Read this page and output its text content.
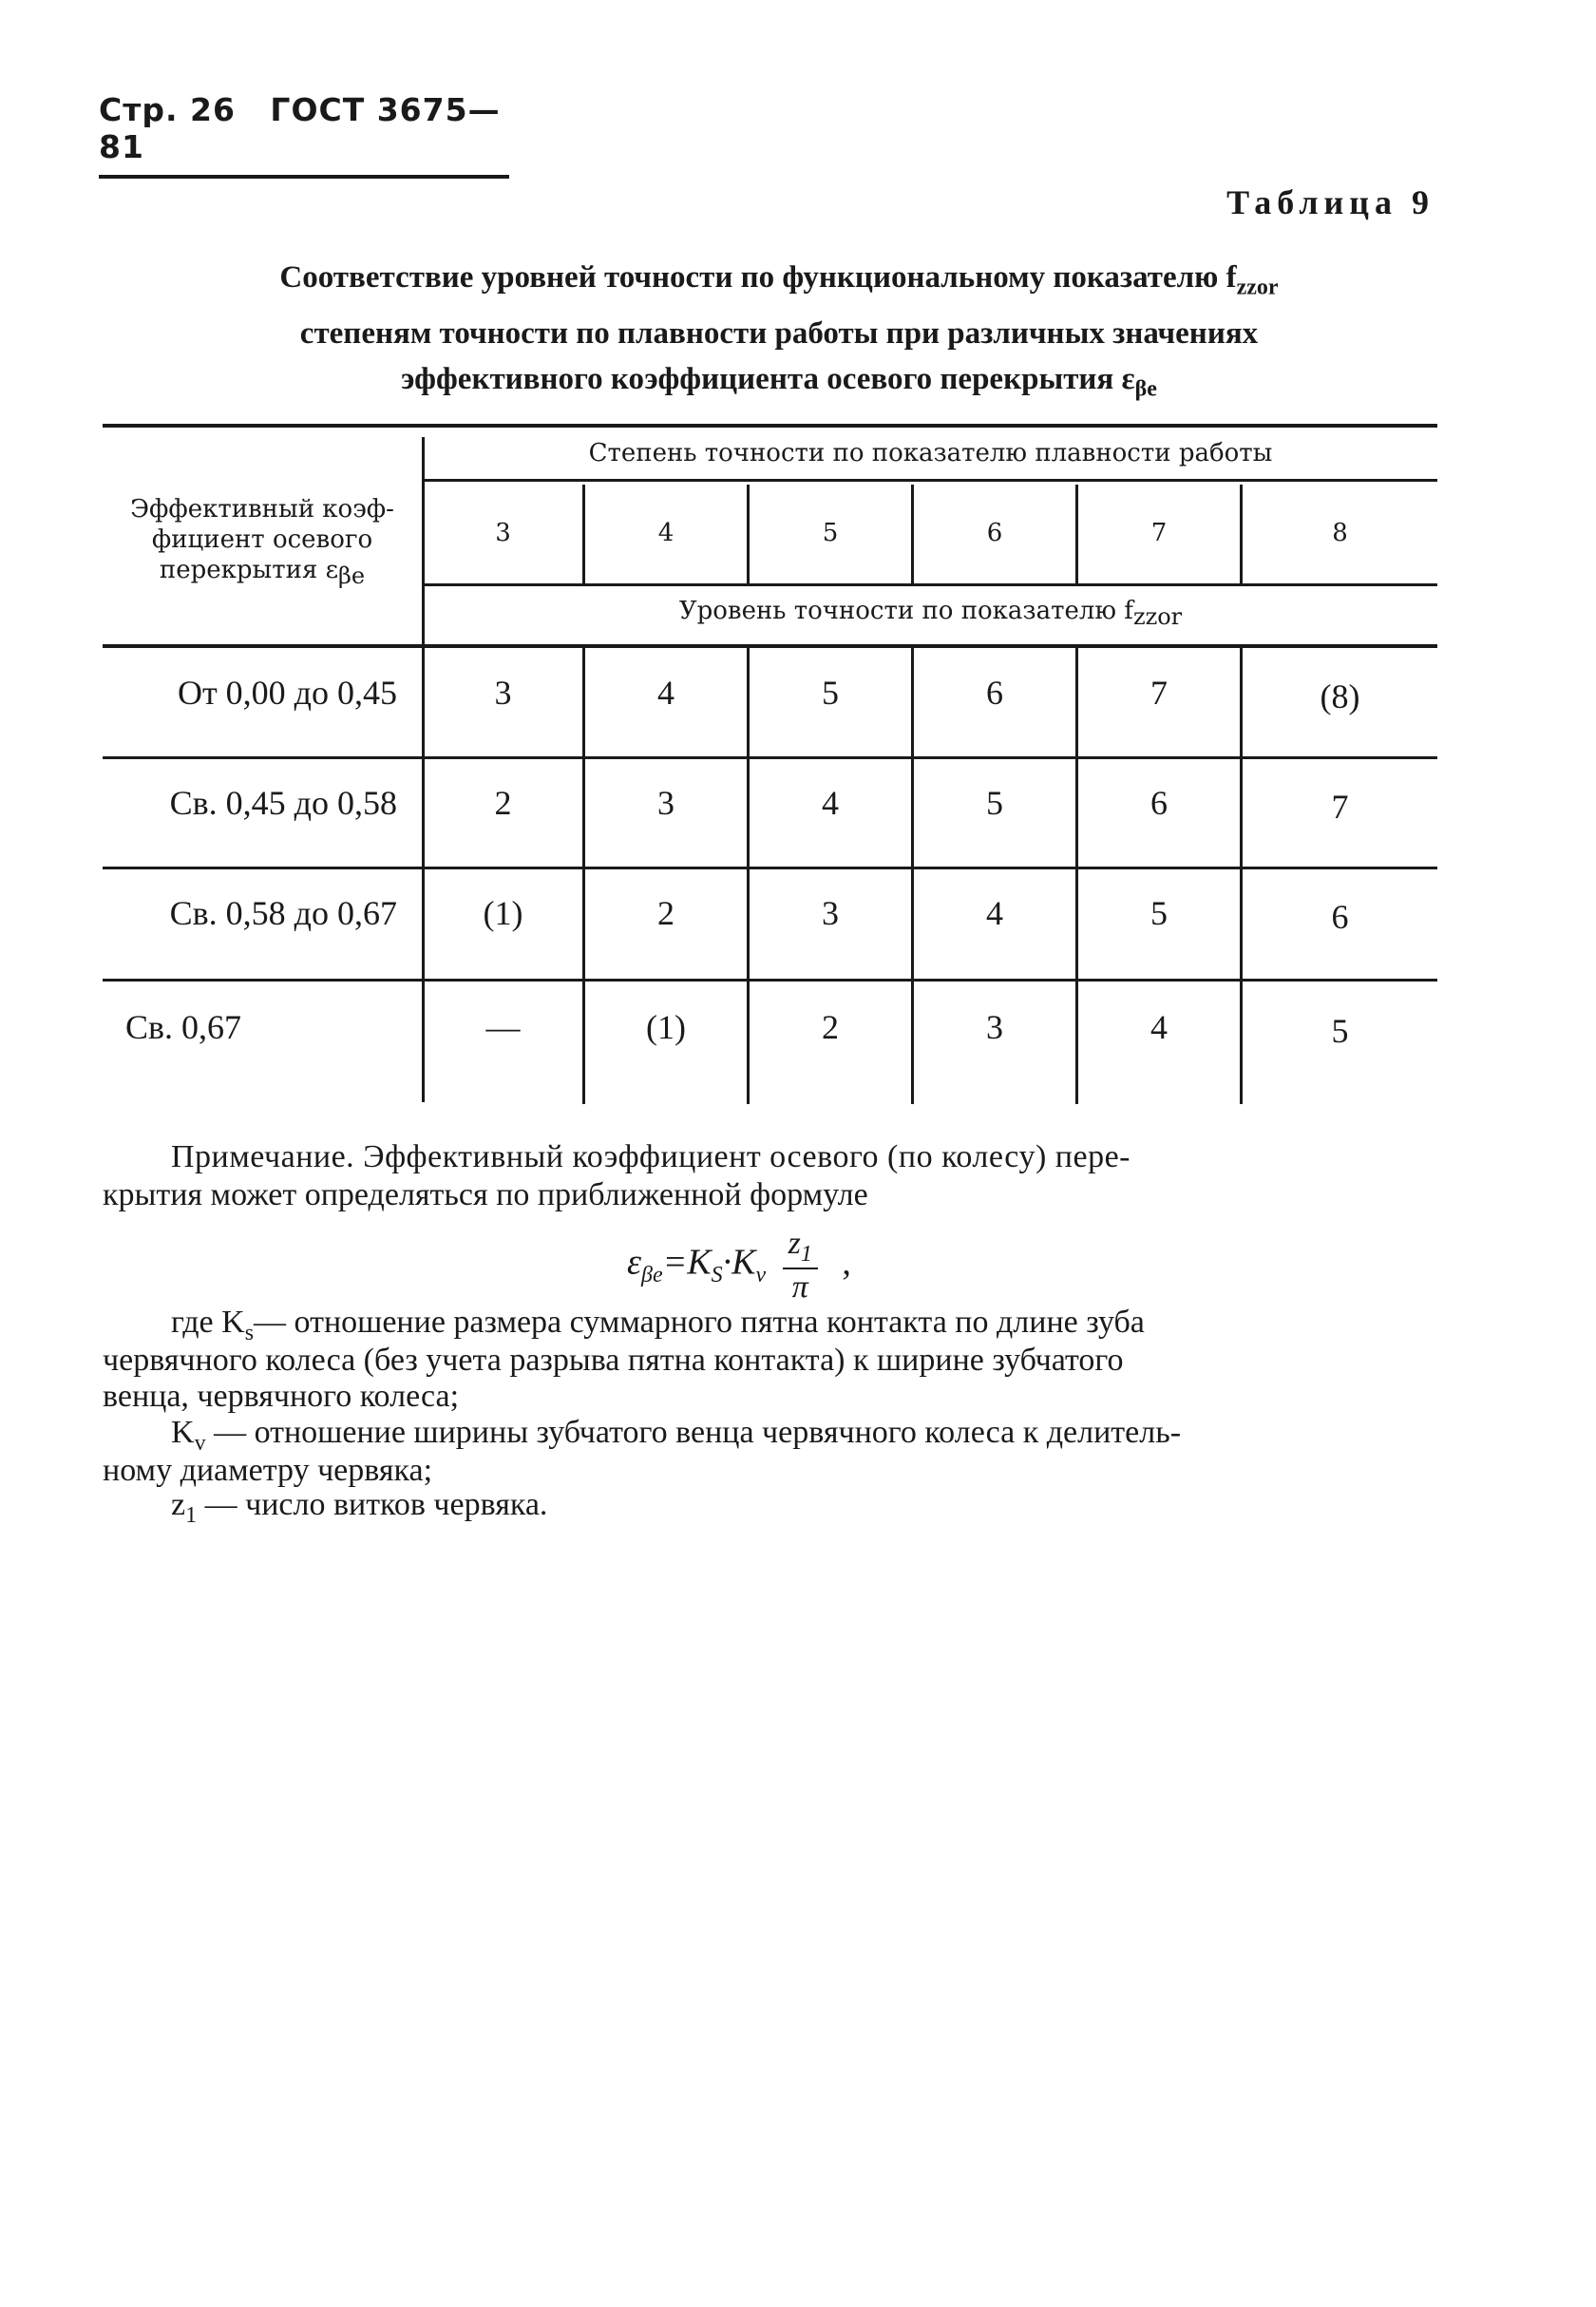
Стр. 26 ГОСТ 3675—81
Таблица 9
Соответствие уровней точности по функциональному показателю $f_{zzor}$
степеням точности по плавности работы при различных значениях
эффективного коэффициента осевого перекрытия $\varepsilon_{\beta e}$
Эффективный коэф-
фициент осевого
перекрытия εβe
Степень точности по показателю плавности работы
3	4	5	6	7	8
Уровень точности по показателю fzzor
От 0,00 до 0,45	3	4	5	6	7	(8)
Св. 0,45 до 0,58	2	3	4	5	6	7
Св. 0,58 до 0,67	(1)	2	3	4	5	6
Св. 0,67	—	(1)	2	3	4	5
Примечание. Эффективный коэффициент осевого (по колесу) пере-
крытия может определяться по приближенной формуле
$\varepsilon_{\beta e}=K_S\cdot K_v \frac{z_1}{\pi}$ ,
где $K_s—$ отношение размера суммарного пятна контакта по длине зуба
червячного колеса (без учета разрыва пятна контакта) к ширине зубчатого
венца, червячного колеса;
$K_v$ — отношение ширины зубчатого венца червячного колеса к делитель-
ному диаметру червяка;
$z_1$ — число витков червяка.
